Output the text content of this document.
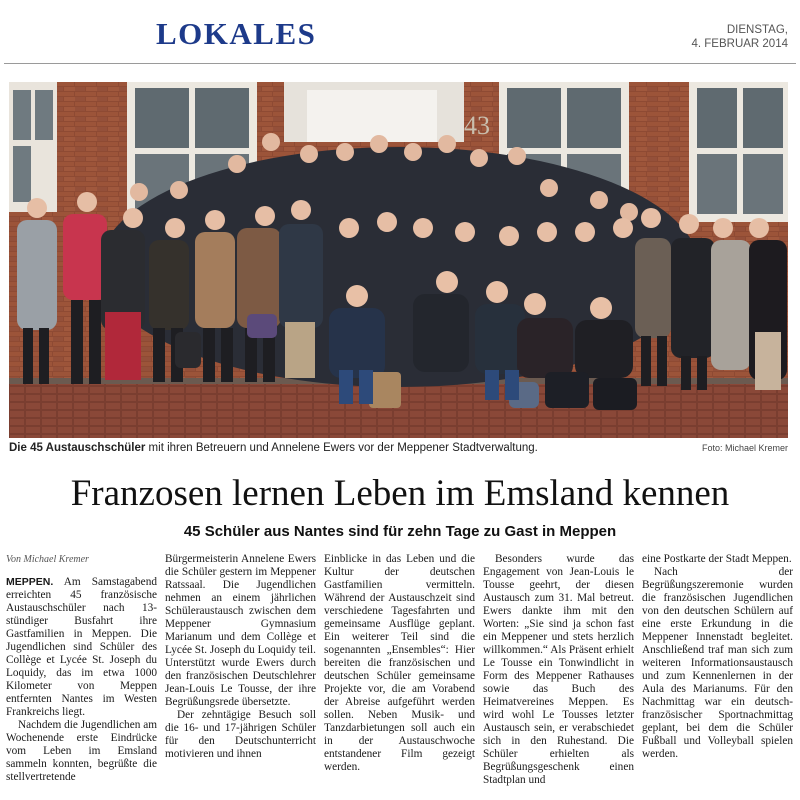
LOKALES	DIENSTAG,
4. FEBRUAR 2014
43
Die 45 Austauschschüler mit ihren Betreuern und Annelene Ewers vor der Meppener Stadtverwaltung.	Foto: Michael Kremer
Franzosen lernen Leben im Emsland kennen
45 Schüler aus Nantes sind für zehn Tage zu Gast in Meppen

Von Michael Kremer

MEPPEN. Am Samstagabend erreichten 45 französische Austauschschüler nach 13-stündiger Busfahrt ihre Gastfamilien in Meppen. Die Jugendlichen sind Schüler des Collège et Lycée St. Joseph du Loquidy, das im etwa 1000 Kilometer von Meppen entfernten Nantes im Westen Frankreichs liegt.

Nachdem die Jugendlichen am Wochenende erste Eindrücke vom Leben im Emsland sammeln konnten, begrüßte die stellvertretende

Bürgermeisterin Annelene Ewers die Schüler gestern im Meppener Ratssaal. Die Jugendlichen nehmen an einem jährlichen Schüleraustausch zwischen dem Meppener Gymnasium Marianum und dem Collège et Lycée St. Joseph du Loquidy teil. Unterstützt wurde Ewers durch den französischen Deutschlehrer Jean-Louis Le Tousse, der ihre Begrüßungsrede übersetzte.

Der zehntägige Besuch soll die 16- und 17-jährigen Schüler für den Deutschunterricht motivieren und ihnen

Einblicke in das Leben und die Kultur der deutschen Gastfamilien vermitteln. Während der Austauschzeit sind verschiedene Tagesfahrten und gemeinsame Ausflüge geplant. Ein weiterer Teil sind die sogenannten „Ensembles“: Hier bereiten die französischen und deutschen Schüler gemeinsame Projekte vor, die am Vorabend der Abreise aufgeführt werden sollen. Neben Musik- und Tanzdarbietungen soll auch ein in der Austauschwoche entstandener Film gezeigt werden.

Besonders wurde das Engagement von Jean-Louis le Tousse geehrt, der diesen Austausch zum 31. Mal betreut. Ewers dankte ihm mit den Worten: „Sie sind ja schon fast ein Meppener und stets herzlich willkommen.“ Als Präsent erhielt Le Tousse ein Tonwindlicht in Form des Meppener Rathauses sowie das Buch des Heimatvereines Meppen. Es wird wohl Le Tousses letzter Austausch sein, er verabschiedet sich in den Ruhestand. Die Schüler erhielten als Begrüßungsgeschenk einen Stadtplan und

eine Postkarte der Stadt Meppen.

Nach der Begrüßungszeremonie wurden die französischen Jugendlichen von den deutschen Schülern auf eine erste Erkundung in die Meppener Innenstadt begleitet. Anschließend traf man sich zum weiteren Informationsaustausch und zum Kennenlernen in der Aula des Marianums. Für den Nachmittag war ein deutsch-französischer Sportnachmittag geplant, bei dem die Schüler Fußball und Volleyball spielen werden.
